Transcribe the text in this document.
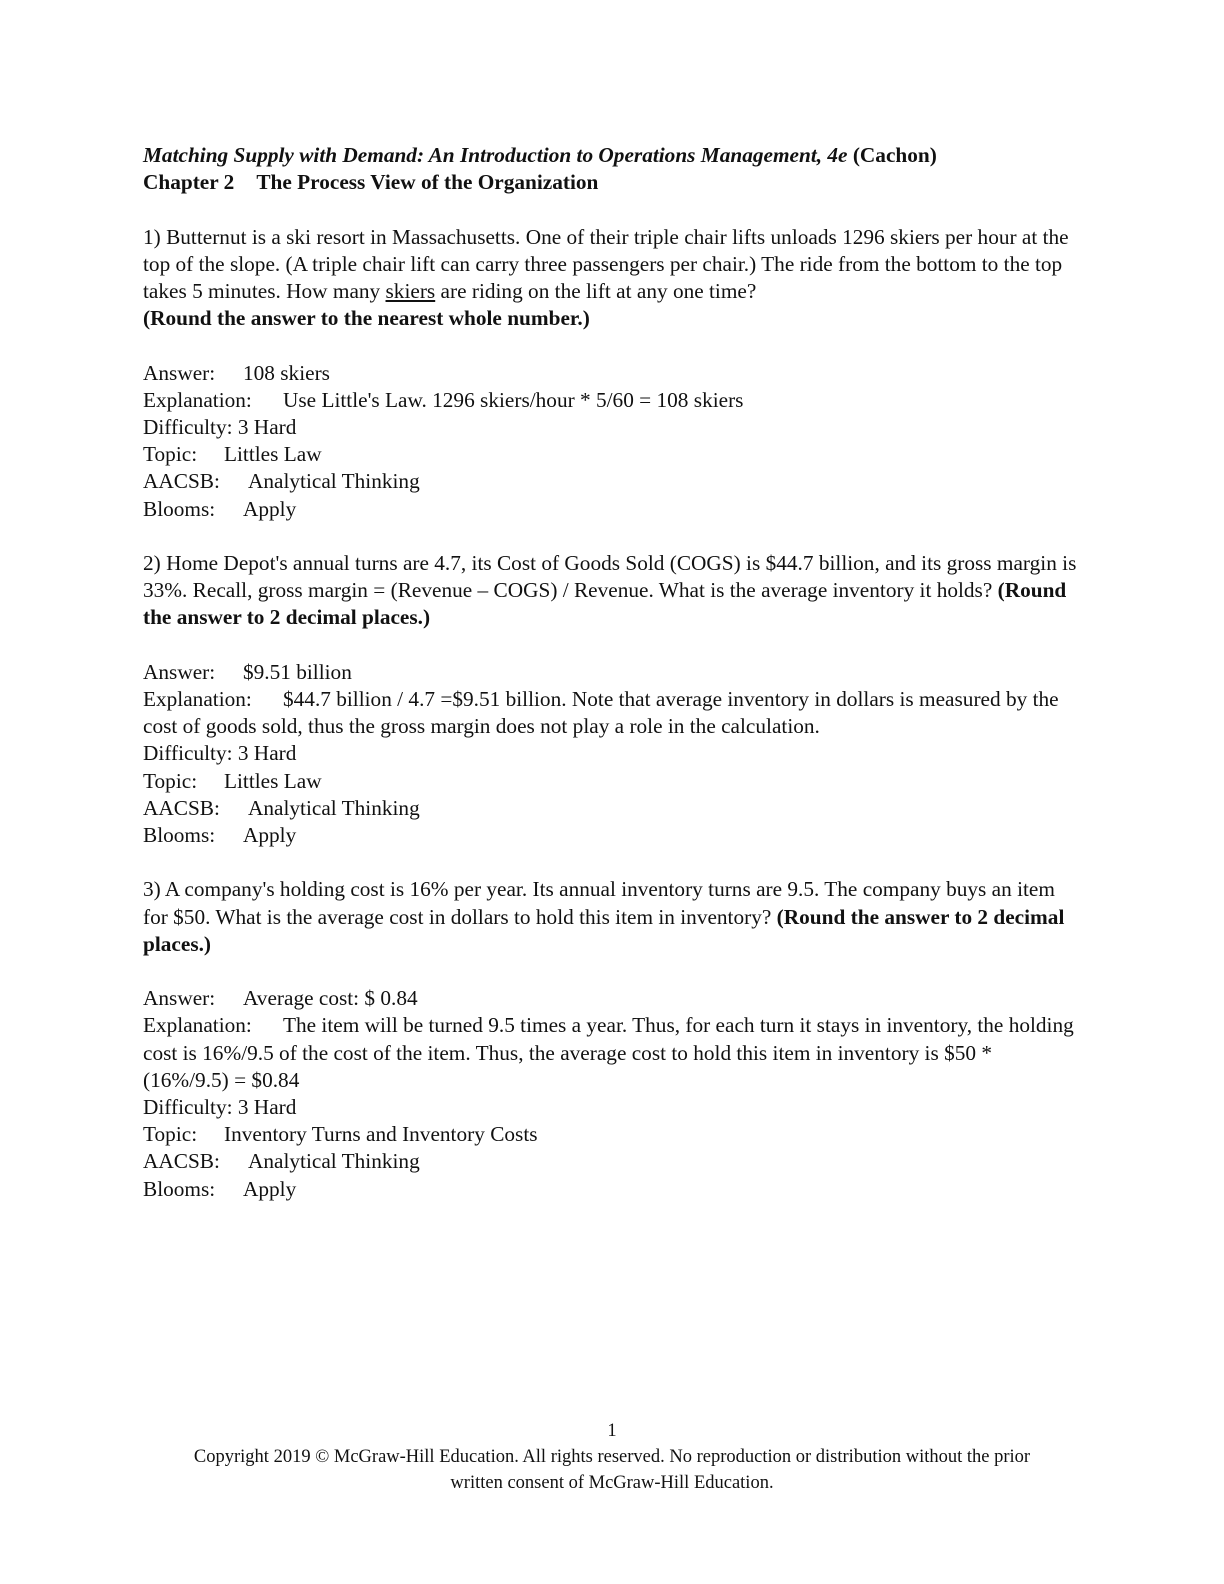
Matching Supply with Demand: An Introduction to Operations Management, 4e (Cachon)

Chapter 2 The Process View of the Organization

1) Butternut is a ski resort in Massachusetts. One of their triple chair lifts unloads 1296 skiers per hour at the top of the slope. (A triple chair lift can carry three passengers per chair.) The ride from the bottom to the top takes 5 minutes. How many skiers are riding on the lift at any one time?
(Round the answer to the nearest whole number.)

Answer: 108 skiers

Explanation: Use Little's Law. 1296 skiers/hour * 5/60 = 108 skiers

Difficulty: 3 Hard

Topic: Littles Law

AACSB: Analytical Thinking

Blooms: Apply

2) Home Depot's annual turns are 4.7, its Cost of Goods Sold (COGS) is $44.7 billion, and its gross margin is 33%. Recall, gross margin = (Revenue – COGS) / Revenue. What is the average inventory it holds? (Round the answer to 2 decimal places.)

Answer: $9.51 billion

Explanation: $44.7 billion / 4.7 =$9.51 billion. Note that average inventory in dollars is measured by the cost of goods sold, thus the gross margin does not play a role in the calculation.

Difficulty: 3 Hard

Topic: Littles Law

AACSB: Analytical Thinking

Blooms: Apply

3) A company's holding cost is 16% per year. Its annual inventory turns are 9.5. The company buys an item for $50. What is the average cost in dollars to hold this item in inventory? (Round the answer to 2 decimal places.)

Answer: Average cost: $ 0.84

Explanation: The item will be turned 9.5 times a year. Thus, for each turn it stays in inventory, the holding cost is 16%/9.5 of the cost of the item. Thus, the average cost to hold this item in inventory is $50 * (16%/9.5) = $0.84

Difficulty: 3 Hard

Topic: Inventory Turns and Inventory Costs

AACSB: Analytical Thinking

Blooms: Apply

1

Copyright 2019 © McGraw-Hill Education. All rights reserved. No reproduction or distribution without the prior

written consent of McGraw-Hill Education.
